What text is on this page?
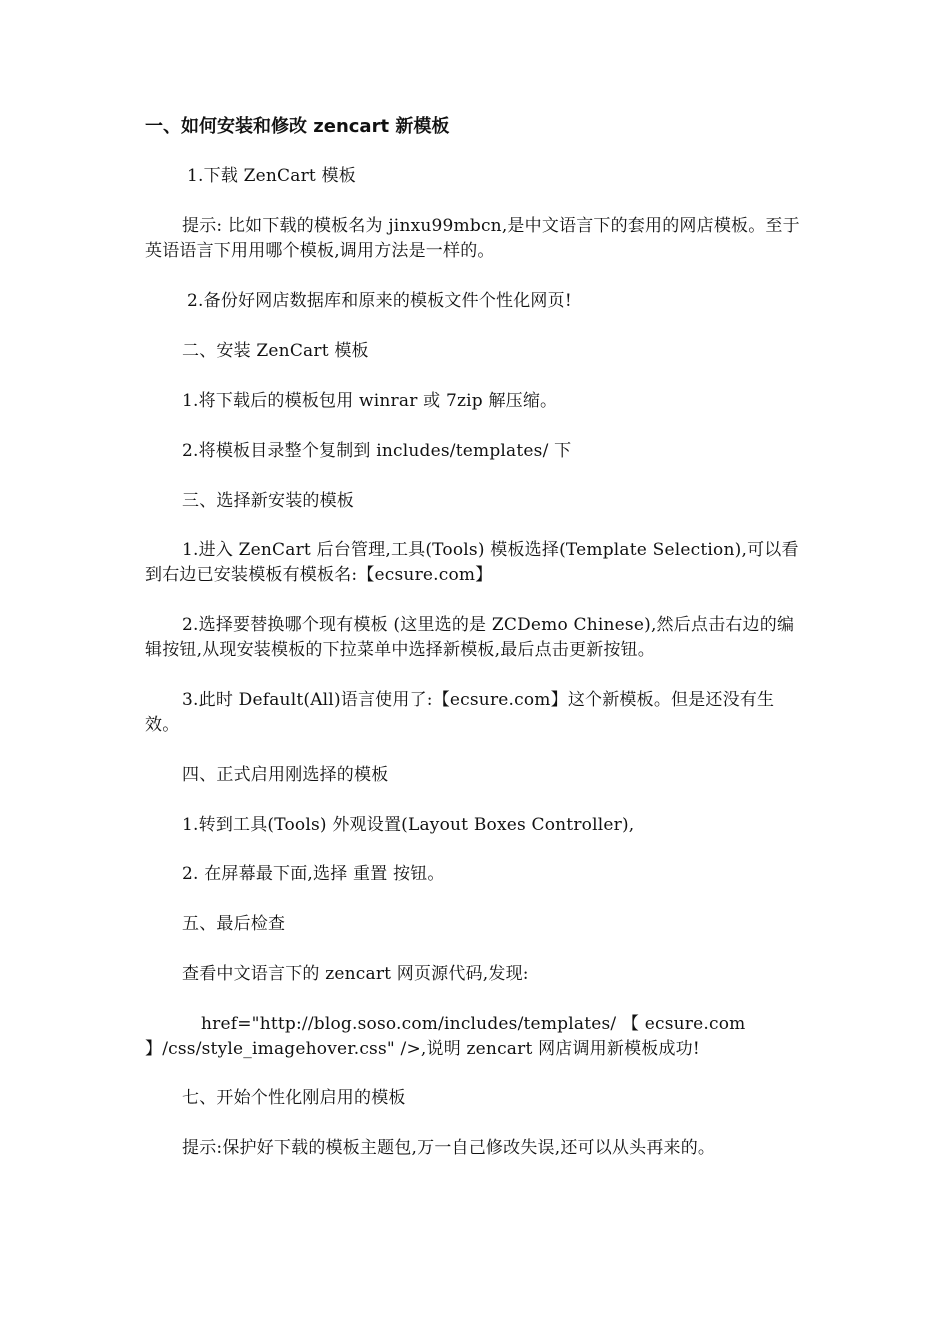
一、如何安装和修改 zencart 新模板

1.下载 ZenCart 模板

提示: 比如下载的模板名为 jinxu99mbcn,是中文语言下的套用的网店模板。至于英语语言下用用哪个模板,调用方法是一样的。

2.备份好网店数据库和原来的模板文件个性化网页!

二、安装 ZenCart 模板

1.将下载后的模板包用 winrar 或 7zip 解压缩。

2.将模板目录整个复制到 includes/templates/ 下

三、选择新安装的模板

1.进入 ZenCart 后台管理,工具(Tools) 模板选择(Template Selection),可以看到右边已安装模板有模板名:【ecsure.com】

2.选择要替换哪个现有模板 (这里选的是 ZCDemo Chinese),然后点击右边的编辑按钮,从现安装模板的下拉菜单中选择新模板,最后点击更新按钮。

3.此时 Default(All)语言使用了:【ecsure.com】这个新模板。但是还没有生效。

四、正式启用刚选择的模板

1.转到工具(Tools) 外观设置(Layout Boxes Controller),

2. 在屏幕最下面,选择 重置 按钮。

五、最后检查

查看中文语言下的 zencart 网页源代码,发现:

href="http://blog.soso.com/includes/templates/ 【 ecsure.com 】/css/style_imagehover.css" />,说明 zencart 网店调用新模板成功!

七、开始个性化刚启用的模板

提示:保护好下载的模板主题包,万一自己修改失误,还可以从头再来的。
